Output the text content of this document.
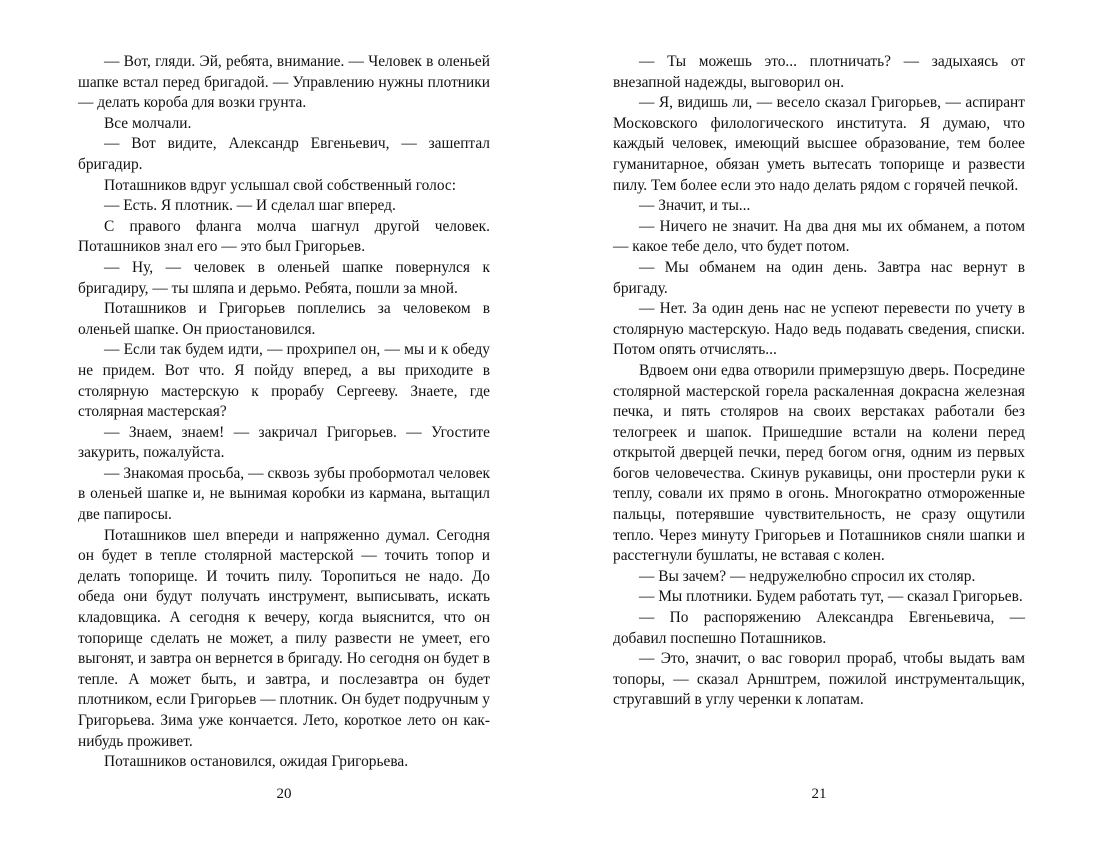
— Вот, гляди. Эй, ребята, внимание. — Человек в оленьей шапке встал перед бригадой. — Управлению нужны плотники — делать короба для возки грунта.

Все молчали.

— Вот видите, Александр Евгеньевич, — зашептал бригадир.

Поташников вдруг услышал свой собственный голос:

— Есть. Я плотник. — И сделал шаг вперед.

С правого фланга молча шагнул другой человек. Поташников знал его — это был Григорьев.

— Ну, — человек в оленьей шапке повернулся к бригадиру, — ты шляпа и дерьмо. Ребята, пошли за мной.

Поташников и Григорьев поплелись за человеком в оленьей шапке. Он приостановился.

— Если так будем идти, — прохрипел он, — мы и к обеду не придем. Вот что. Я пойду вперед, а вы приходите в столярную мастерскую к прорабу Сергееву. Знаете, где столярная мастерская?

— Знаем, знаем! — закричал Григорьев. — Угостите закурить, пожалуйста.

— Знакомая просьба, — сквозь зубы пробормотал человек в оленьей шапке и, не вынимая коробки из кармана, вытащил две папиросы.

Поташников шел впереди и напряженно думал. Сегодня он будет в тепле столярной мастерской — точить топор и делать топорище. И точить пилу. Торопиться не надо. До обеда они будут получать инструмент, выписывать, искать кладовщика. А сегодня к вечеру, когда выяснится, что он топорище сделать не может, а пилу развести не умеет, его выгонят, и завтра он вернется в бригаду. Но сегодня он будет в тепле. А может быть, и завтра, и послезавтра он будет плотником, если Григорьев — плотник. Он будет подручным у Григорьева. Зима уже кончается. Лето, короткое лето он как-нибудь проживет.

Поташников остановился, ожидая Григорьева.

20

— Ты можешь это... плотничать? — задыхаясь от внезапной надежды, выговорил он.

— Я, видишь ли, — весело сказал Григорьев, — аспирант Московского филологического института. Я думаю, что каждый человек, имеющий высшее образование, тем более гуманитарное, обязан уметь вытесать топорище и развести пилу. Тем более если это надо делать рядом с горячей печкой.

— Значит, и ты...

— Ничего не значит. На два дня мы их обманем, а потом — какое тебе дело, что будет потом.

— Мы обманем на один день. Завтра нас вернут в бригаду.

— Нет. За один день нас не успеют перевести по учету в столярную мастерскую. Надо ведь подавать сведения, списки. Потом опять отчислять...

Вдвоем они едва отворили примерзшую дверь. Посредине столярной мастерской горела раскаленная докрасна железная печка, и пять столяров на своих верстаках работали без телогреек и шапок. Пришедшие встали на колени перед открытой дверцей печки, перед богом огня, одним из первых богов человечества. Скинув рукавицы, они простерли руки к теплу, совали их прямо в огонь. Многократно отмороженные пальцы, потерявшие чувствительность, не сразу ощутили тепло. Через минуту Григорьев и Поташников сняли шапки и расстегнули бушлаты, не вставая с колен.

— Вы зачем? — недружелюбно спросил их столяр.

— Мы плотники. Будем работать тут, — сказал Григорьев.

— По распоряжению Александра Евгеньевича, — добавил поспешно Поташников.

— Это, значит, о вас говорил прораб, чтобы выдать вам топоры, — сказал Арнштрем, пожилой инструментальщик, стругавший в углу черенки к лопатам.

21
